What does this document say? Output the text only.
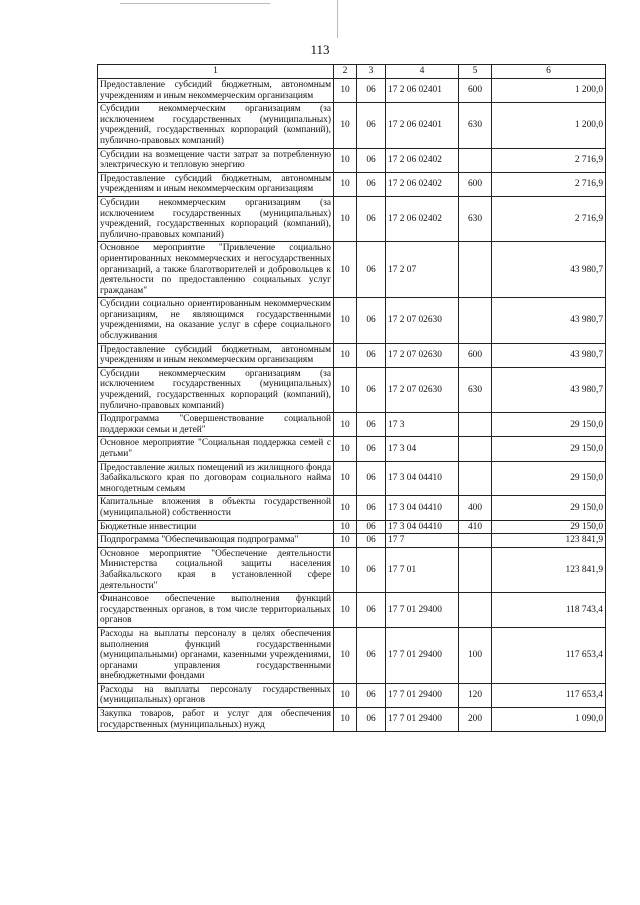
113
1	2	3	4	5	6
Предоставление субсидий бюджетным, автономным учреждениям и иным некоммерческим организациям	10	06	17 2 06 02401	600	1 200,0
Субсидии некоммерческим организациям (за исключением государственных (муниципальных) учреждений, государственных корпораций (компаний), публично-правовых компаний)	10	06	17 2 06 02401	630	1 200,0
Субсидии на возмещение части затрат за потребленную электрическую и тепловую энергию	10	06	17 2 06 02402		2 716,9
Предоставление субсидий бюджетным, автономным учреждениям и иным некоммерческим организациям	10	06	17 2 06 02402	600	2 716,9
Субсидии некоммерческим организациям (за исключением государственных (муниципальных) учреждений, государственных корпораций (компаний), публично-правовых компаний)	10	06	17 2 06 02402	630	2 716,9
Основное мероприятие "Привлечение социально ориентированных некоммерческих и негосударственных организаций, а также благотворителей и добровольцев к деятельности по предоставлению социальных услуг гражданам"	10	06	17 2 07		43 980,7
Субсидии социально ориентированным некоммерческим организациям, не являющимся государственными учреждениями, на оказание услуг в сфере социального обслуживания	10	06	17 2 07 02630		43 980,7
Предоставление субсидий бюджетным, автономным учреждениям и иным некоммерческим организациям	10	06	17 2 07 02630	600	43 980,7
Субсидии некоммерческим организациям (за исключением государственных (муниципальных) учреждений, государственных корпораций (компаний), публично-правовых компаний)	10	06	17 2 07 02630	630	43 980,7
Подпрограмма "Совершенствование социальной поддержки семьи и детей"	10	06	17 3		29 150,0
Основное мероприятие "Социальная поддержка семей с детьми"	10	06	17 3 04		29 150,0
Предоставление жилых помещений из жилищного фонда Забайкальского края по договорам социального найма многодетным семьям	10	06	17 3 04 04410		29 150,0
Капитальные вложения в объекты государственной (муниципальной) собственности	10	06	17 3 04 04410	400	29 150,0
Бюджетные инвестиции	10	06	17 3 04 04410	410	29 150,0
Подпрограмма "Обеспечивающая подпрограмма"	10	06	17 7		123 841,9
Основное мероприятие "Обеспечение деятельности Министерства социальной защиты населения Забайкальского края в установленной сфере деятельности"	10	06	17 7 01		123 841,9
Финансовое обеспечение выполнения функций государственных органов, в том числе территориальных органов	10	06	17 7 01 29400		118 743,4
Расходы на выплаты персоналу в целях обеспечения выполнения функций государственными (муниципальными) органами, казенными учреждениями, органами управления государственными внебюджетными фондами	10	06	17 7 01 29400	100	117 653,4
Расходы на выплаты персоналу государственных (муниципальных) органов	10	06	17 7 01 29400	120	117 653,4
Закупка товаров, работ и услуг для обеспечения государственных (муниципальных) нужд	10	06	17 7 01 29400	200	1 090,0
